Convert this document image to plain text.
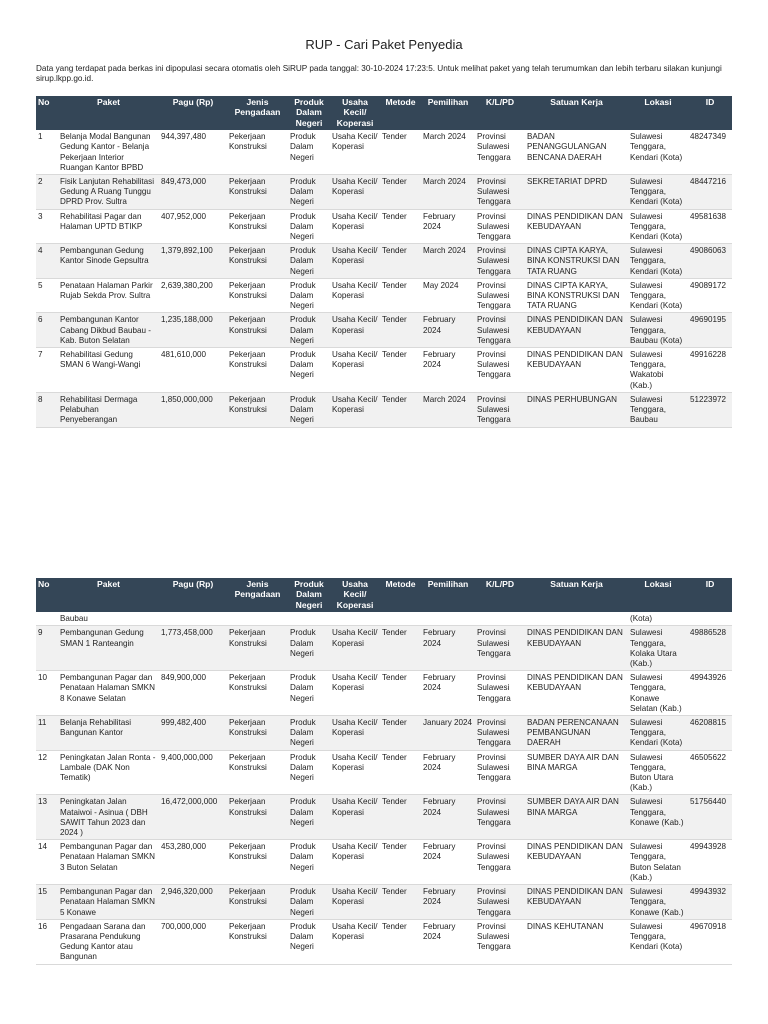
RUP - Cari Paket Penyedia
Data yang terdapat pada berkas ini dipopulasi secara otomatis oleh SiRUP pada tanggal: 30-10-2024 17:23:5. Untuk melihat paket yang telah terumumkan dan lebih terbaru silakan kunjungi sirup.lkpp.go.id.
No	Paket	Pagu (Rp)	Jenis Pengadaan	Produk Dalam Negeri	Usaha Kecil/ Koperasi	Metode	Pemilihan	K/L/PD	Satuan Kerja	Lokasi	ID
1	Belanja Modal Bangunan Gedung Kantor - Belanja Pekerjaan Interior Ruangan Kantor BPBD	944,397,480	Pekerjaan Konstruksi	Produk Dalam Negeri	Usaha Kecil/ Koperasi	Tender	March 2024	Provinsi Sulawesi Tenggara	BADAN PENANGGULANGAN BENCANA DAERAH	Sulawesi Tenggara, Kendari (Kota)	48247349
2	Fisik Lanjutan Rehabilitasi Gedung A Ruang Tunggu DPRD Prov. Sultra	849,473,000	Pekerjaan Konstruksi	Produk Dalam Negeri	Usaha Kecil/ Koperasi	Tender	March 2024	Provinsi Sulawesi Tenggara	SEKRETARIAT DPRD	Sulawesi Tenggara, Kendari (Kota)	48447216
3	Rehabilitasi Pagar dan Halaman UPTD BTIKP	407,952,000	Pekerjaan Konstruksi	Produk Dalam Negeri	Usaha Kecil/ Koperasi	Tender	February 2024	Provinsi Sulawesi Tenggara	DINAS PENDIDIKAN DAN KEBUDAYAAN	Sulawesi Tenggara, Kendari (Kota)	49581638
4	Pembangunan Gedung Kantor Sinode Gepsultra	1,379,892,100	Pekerjaan Konstruksi	Produk Dalam Negeri	Usaha Kecil/ Koperasi	Tender	March 2024	Provinsi Sulawesi Tenggara	DINAS CIPTA KARYA, BINA KONSTRUKSI DAN TATA RUANG	Sulawesi Tenggara, Kendari (Kota)	49086063
5	Penataan Halaman Parkir Rujab Sekda Prov. Sultra	2,639,380,200	Pekerjaan Konstruksi	Produk Dalam Negeri	Usaha Kecil/ Koperasi	Tender	May 2024	Provinsi Sulawesi Tenggara	DINAS CIPTA KARYA, BINA KONSTRUKSI DAN TATA RUANG	Sulawesi Tenggara, Kendari (Kota)	49089172
6	Pembangunan Kantor Cabang Dikbud Baubau - Kab. Buton Selatan	1,235,188,000	Pekerjaan Konstruksi	Produk Dalam Negeri	Usaha Kecil/ Koperasi	Tender	February 2024	Provinsi Sulawesi Tenggara	DINAS PENDIDIKAN DAN KEBUDAYAAN	Sulawesi Tenggara, Baubau (Kota)	49690195
7	Rehabilitasi Gedung SMAN 6 Wangi-Wangi	481,610,000	Pekerjaan Konstruksi	Produk Dalam Negeri	Usaha Kecil/ Koperasi	Tender	February 2024	Provinsi Sulawesi Tenggara	DINAS PENDIDIKAN DAN KEBUDAYAAN	Sulawesi Tenggara, Wakatobi (Kab.)	49916228
8	Rehabilitasi Dermaga Pelabuhan Penyeberangan	1,850,000,000	Pekerjaan Konstruksi	Produk Dalam Negeri	Usaha Kecil/ Koperasi	Tender	March 2024	Provinsi Sulawesi Tenggara	DINAS PERHUBUNGAN	Sulawesi Tenggara, Baubau	51223972
No	Paket	Pagu (Rp)	Jenis Pengadaan	Produk Dalam Negeri	Usaha Kecil/ Koperasi	Metode	Pemilihan	K/L/PD	Satuan Kerja	Lokasi	ID
	Baubau									(Kota)	
9	Pembangunan Gedung SMAN 1 Ranteangin	1,773,458,000	Pekerjaan Konstruksi	Produk Dalam Negeri	Usaha Kecil/ Koperasi	Tender	February 2024	Provinsi Sulawesi Tenggara	DINAS PENDIDIKAN DAN KEBUDAYAAN	Sulawesi Tenggara, Kolaka Utara (Kab.)	49886528
10	Pembangunan Pagar dan Penataan Halaman SMKN 8 Konawe Selatan	849,900,000	Pekerjaan Konstruksi	Produk Dalam Negeri	Usaha Kecil/ Koperasi	Tender	February 2024	Provinsi Sulawesi Tenggara	DINAS PENDIDIKAN DAN KEBUDAYAAN	Sulawesi Tenggara, Konawe Selatan (Kab.)	49943926
11	Belanja Rehabilitasi Bangunan Kantor	999,482,400	Pekerjaan Konstruksi	Produk Dalam Negeri	Usaha Kecil/ Koperasi	Tender	January 2024	Provinsi Sulawesi Tenggara	BADAN PERENCANAAN PEMBANGUNAN DAERAH	Sulawesi Tenggara, Kendari (Kota)	46208815
12	Peningkatan Jalan Ronta - Lambale (DAK Non Tematik)	9,400,000,000	Pekerjaan Konstruksi	Produk Dalam Negeri	Usaha Kecil/ Koperasi	Tender	February 2024	Provinsi Sulawesi Tenggara	SUMBER DAYA AIR DAN BINA MARGA	Sulawesi Tenggara, Buton Utara (Kab.)	46505622
13	Peningkatan Jalan Mataiwoi - Asinua ( DBH SAWIT Tahun 2023 dan 2024 )	16,472,000,000	Pekerjaan Konstruksi	Produk Dalam Negeri	Usaha Kecil/ Koperasi	Tender	February 2024	Provinsi Sulawesi Tenggara	SUMBER DAYA AIR DAN BINA MARGA	Sulawesi Tenggara, Konawe (Kab.)	51756440
14	Pembangunan Pagar dan Penataan Halaman SMKN 3 Buton Selatan	453,280,000	Pekerjaan Konstruksi	Produk Dalam Negeri	Usaha Kecil/ Koperasi	Tender	February 2024	Provinsi Sulawesi Tenggara	DINAS PENDIDIKAN DAN KEBUDAYAAN	Sulawesi Tenggara, Buton Selatan (Kab.)	49943928
15	Pembangunan Pagar dan Penataan Halaman SMKN 5 Konawe	2,946,320,000	Pekerjaan Konstruksi	Produk Dalam Negeri	Usaha Kecil/ Koperasi	Tender	February 2024	Provinsi Sulawesi Tenggara	DINAS PENDIDIKAN DAN KEBUDAYAAN	Sulawesi Tenggara, Konawe (Kab.)	49943932
16	Pengadaan Sarana dan Prasarana Pendukung Gedung Kantor atau Bangunan	700,000,000	Pekerjaan Konstruksi	Produk Dalam Negeri	Usaha Kecil/ Koperasi	Tender	February 2024	Provinsi Sulawesi Tenggara	DINAS KEHUTANAN	Sulawesi Tenggara, Kendari (Kota)	49670918
